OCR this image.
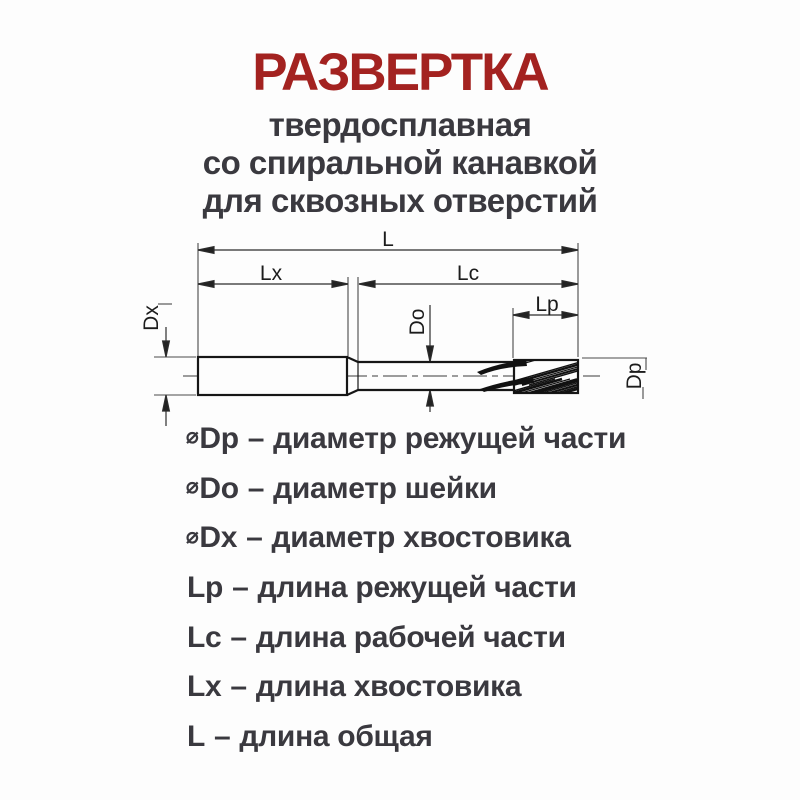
РАЗВЕРТКА
твердосплавная
со спиральной канавкой
для сквозных отверстий
L
Lx	Lc
Lp
Dx	Do
Dp
⌀ Dp – диаметр режущей части
⌀ Do – диаметр шейки
⌀ Dx – диаметр хвостовика
Lp – длина режущей части
Lc – длина рабочей части
Lx – длина хвостовика
L – длина общая
